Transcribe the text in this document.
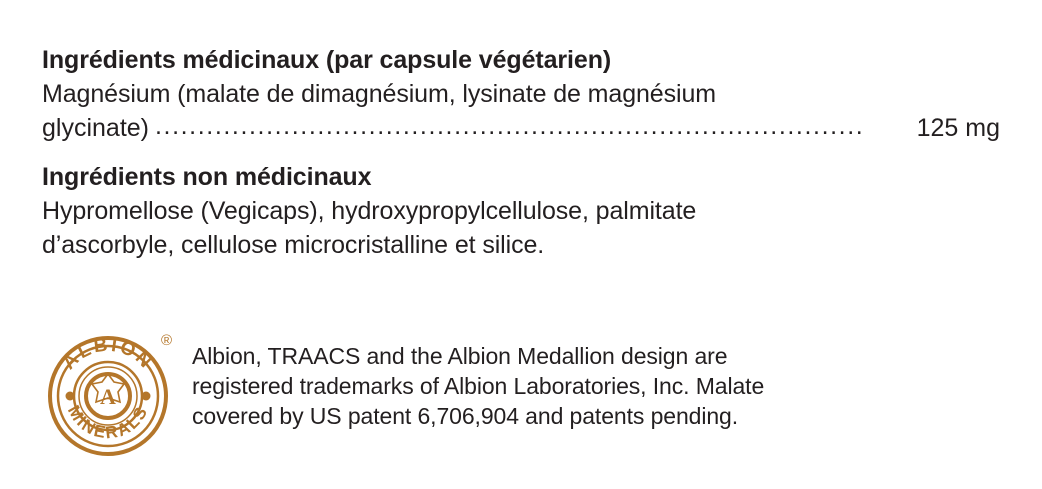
Ingrédients médicinaux (par capsule végétarien)

Magnésium (malate de dimagnésium, lysinate de magnésium

glycinate) ...................................................................................	125 mg

Ingrédients non médicinaux

Hypromellose (Vegicaps), hydroxypropylcellulose, palmitate

d’ascorbyle, cellulose microcristalline et silice.

ALBION
MINERALS
A
®

Albion, TRAACS and the Albion Medallion design are

registered trademarks of Albion Laboratories, Inc. Malate

covered by US patent 6,706,904 and patents pending.
